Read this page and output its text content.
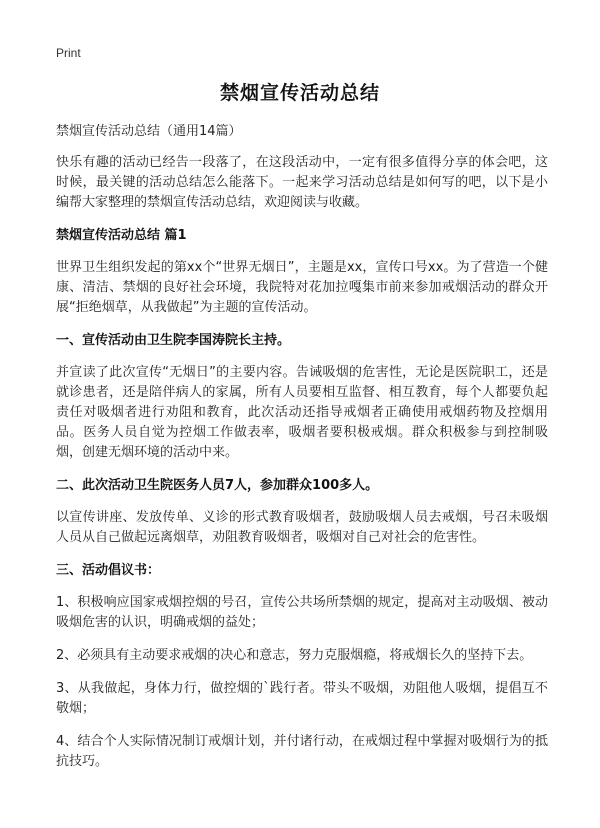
Print
禁烟宣传活动总结

禁烟宣传活动总结（通用14篇）

快乐有趣的活动已经告一段落了，在这段活动中，一定有很多值得分享的体会吧，这时候，最关键的活动总结怎么能落下。一起来学习活动总结是如何写的吧，以下是小编帮大家整理的禁烟宣传活动总结，欢迎阅读与收藏。

禁烟宣传活动总结 篇1

世界卫生组织发起的第xx个“世界无烟日”，主题是xx，宣传口号xx。为了营造一个健康、清洁、禁烟的良好社会环境，我院特对花加拉嘎集市前来参加戒烟活动的群众开展“拒绝烟草，从我做起”为主题的宣传活动。

一、宣传活动由卫生院李国涛院长主持。

并宣读了此次宣传“无烟日”的主要内容。告诫吸烟的危害性，无论是医院职工，还是就诊患者，还是陪伴病人的家属，所有人员要相互监督、相互教育，每个人都要负起责任对吸烟者进行劝阻和教育，此次活动还指导戒烟者正确使用戒烟药物及控烟用品。医务人员自觉为控烟工作做表率，吸烟者要积极戒烟。群众积极参与到控制吸烟，创建无烟环境的活动中来。

二、此次活动卫生院医务人员7人，参加群众100多人。

以宣传讲座、发放传单、义诊的形式教育吸烟者，鼓励吸烟人员去戒烟，号召未吸烟人员从自己做起远离烟草，劝阻教育吸烟者，吸烟对自己对社会的危害性。

三、活动倡议书：

1、积极响应国家戒烟控烟的号召，宣传公共场所禁烟的规定，提高对主动吸烟、被动吸烟危害的认识，明确戒烟的益处；

2、必须具有主动要求戒烟的决心和意志，努力克服烟瘾，将戒烟长久的坚持下去。

3、从我做起，身体力行，做控烟的`践行者。带头不吸烟，劝阻他人吸烟，提倡互不敬烟；

4、结合个人实际情况制订戒烟计划，并付诸行动，在戒烟过程中掌握对吸烟行为的抵抗技巧。
